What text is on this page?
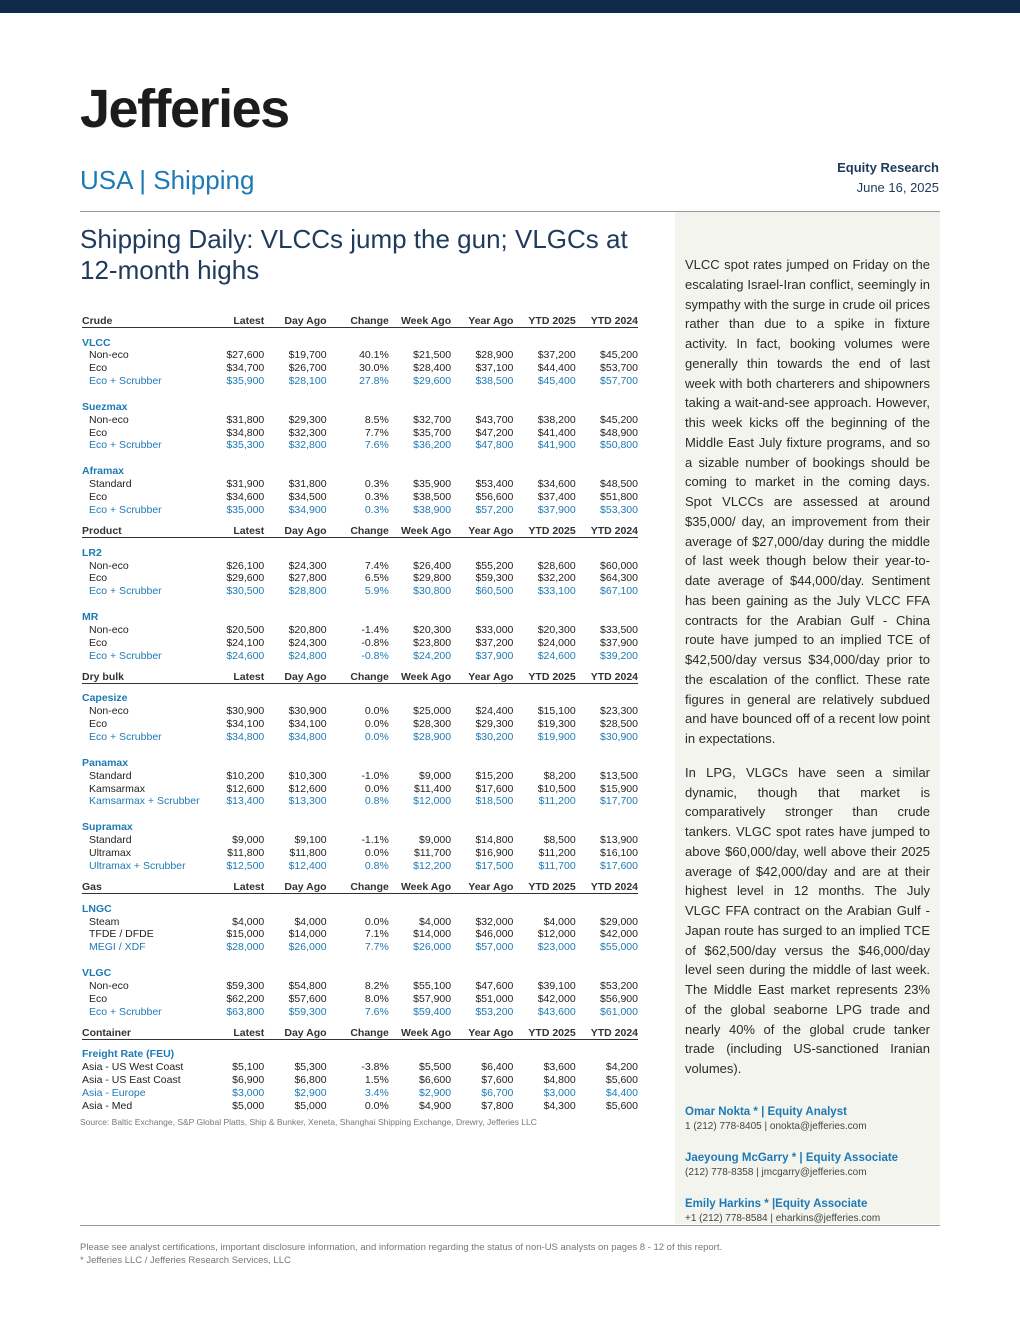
Jefferies
USA | Shipping	Equity Research
June 16, 2025
Shipping Daily: VLCCs jump the gun; VLGCs at 12-month highs	VLCC spot rates jumped on Friday on the escalating Israel-Iran conflict, seemingly in sympathy with the surge in crude oil prices rather than due to a spike in fixture activity. In fact, booking volumes were generally thin towards the end of last week with both charterers and shipowners taking a wait-and-see approach. However, this week kicks off the beginning of the Middle East July fixture programs, and so a sizable number of bookings should be coming to market in the coming days. Spot VLCCs are assessed at around $35,000/ day, an improvement from their average of $27,000/day during the middle of last week though below their year-to-date average of $44,000/day. Sentiment has been gaining as the July VLCC FFA contracts for the Arabian Gulf - China route have jumped to an implied TCE of $42,500/day versus $34,000/day prior to the escalation of the conflict. These rate figures in general are relatively subdued and have bounced off of a recent low point in expectations.

In LPG, VLGCs have seen a similar dynamic, though that market is comparatively stronger than crude tankers. VLGC spot rates have jumped to above $60,000/day, well above their 2025 average of $42,000/day and are at their highest level in 12 months. The July VLGC FFA contract on the Arabian Gulf - Japan route has surged to an implied TCE of $62,500/day versus the $46,000/day level seen during the middle of last week. The Middle East market represents 23% of the global seaborne LPG trade and nearly 40% of the global crude tanker trade (including US-sanctioned Iranian volumes).

Crude	Latest	Day Ago	Change	Week Ago	Year Ago	YTD 2025	YTD 2024

VLCC							
Non-eco	$27,600	$19,700	40.1%	$21,500	$28,900	$37,200	$45,200
Eco	$34,700	$26,700	30.0%	$28,400	$37,100	$44,400	$53,700
Eco + Scrubber	$35,900	$28,100	27.8%	$29,600	$38,500	$45,400	$57,700

Suezmax							
Non-eco	$31,800	$29,300	8.5%	$32,700	$43,700	$38,200	$45,200
Eco	$34,800	$32,300	7.7%	$35,700	$47,200	$41,400	$48,900
Eco + Scrubber	$35,300	$32,800	7.6%	$36,200	$47,800	$41,900	$50,800

Aframax							
Standard	$31,900	$31,800	0.3%	$35,900	$53,400	$34,600	$48,500
Eco	$34,600	$34,500	0.3%	$38,500	$56,600	$37,400	$51,800
Eco + Scrubber	$35,000	$34,900	0.3%	$38,900	$57,200	$37,900	$53,300

Product	Latest	Day Ago	Change	Week Ago	Year Ago	YTD 2025	YTD 2024

LR2							
Non-eco	$26,100	$24,300	7.4%	$26,400	$55,200	$28,600	$60,000
Eco	$29,600	$27,800	6.5%	$29,800	$59,300	$32,200	$64,300
Eco + Scrubber	$30,500	$28,800	5.9%	$30,800	$60,500	$33,100	$67,100

MR							
Non-eco	$20,500	$20,800	-1.4%	$20,300	$33,000	$20,300	$33,500
Eco	$24,100	$24,300	-0.8%	$23,800	$37,200	$24,000	$37,900
Eco + Scrubber	$24,600	$24,800	-0.8%	$24,200	$37,900	$24,600	$39,200

Dry bulk	Latest	Day Ago	Change	Week Ago	Year Ago	YTD 2025	YTD 2024

Capesize							
Non-eco	$30,900	$30,900	0.0%	$25,000	$24,400	$15,100	$23,300
Eco	$34,100	$34,100	0.0%	$28,300	$29,300	$19,300	$28,500
Eco + Scrubber	$34,800	$34,800	0.0%	$28,900	$30,200	$19,900	$30,900

Panamax							
Standard	$10,200	$10,300	-1.0%	$9,000	$15,200	$8,200	$13,500
Kamsarmax	$12,600	$12,600	0.0%	$11,400	$17,600	$10,500	$15,900
Kamsarmax + Scrubber	$13,400	$13,300	0.8%	$12,000	$18,500	$11,200	$17,700

Supramax							
Standard	$9,000	$9,100	-1.1%	$9,000	$14,800	$8,500	$13,900
Ultramax	$11,800	$11,800	0.0%	$11,700	$16,900	$11,200	$16,100
Ultramax + Scrubber	$12,500	$12,400	0.8%	$12,200	$17,500	$11,700	$17,600

Gas	Latest	Day Ago	Change	Week Ago	Year Ago	YTD 2025	YTD 2024

LNGC							
Steam	$4,000	$4,000	0.0%	$4,000	$32,000	$4,000	$29,000
TFDE / DFDE	$15,000	$14,000	7.1%	$14,000	$46,000	$12,000	$42,000
MEGI / XDF	$28,000	$26,000	7.7%	$26,000	$57,000	$23,000	$55,000

VLGC							
Non-eco	$59,300	$54,800	8.2%	$55,100	$47,600	$39,100	$53,200
Eco	$62,200	$57,600	8.0%	$57,900	$51,000	$42,000	$56,900
Eco + Scrubber	$63,800	$59,300	7.6%	$59,400	$53,200	$43,600	$61,000

Container	Latest	Day Ago	Change	Week Ago	Year Ago	YTD 2025	YTD 2024

Freight Rate (FEU)							
Asia - US West Coast	$5,100	$5,300	-3.8%	$5,500	$6,400	$3,600	$4,200
Asia - US East Coast	$6,900	$6,800	1.5%	$6,600	$7,600	$4,800	$5,600
Asia - Europe	$3,000	$2,900	3.4%	$2,900	$6,700	$3,000	$4,400
Asia - Med	$5,000	$5,000	0.0%	$4,900	$7,800	$4,300	$5,600
Source: Baltic Exchange, S&P Global Platts, Ship & Bunker, Xeneta, Shanghai Shipping Exchange, Drewry, Jefferies LLC
Omar Nokta * | Equity Analyst
1 (212) 778-8405 | onokta@jefferies.com
Jaeyoung McGarry * | Equity Associate
(212) 778-8358 | jmcgarry@jefferies.com
Emily Harkins * |Equity Associate
+1 (212) 778-8584 | eharkins@jefferies.com
Please see analyst certifications, important disclosure information, and information regarding the status of non-US analysts on pages 8 - 12 of this report.
* Jefferies LLC / Jefferies Research Services, LLC
